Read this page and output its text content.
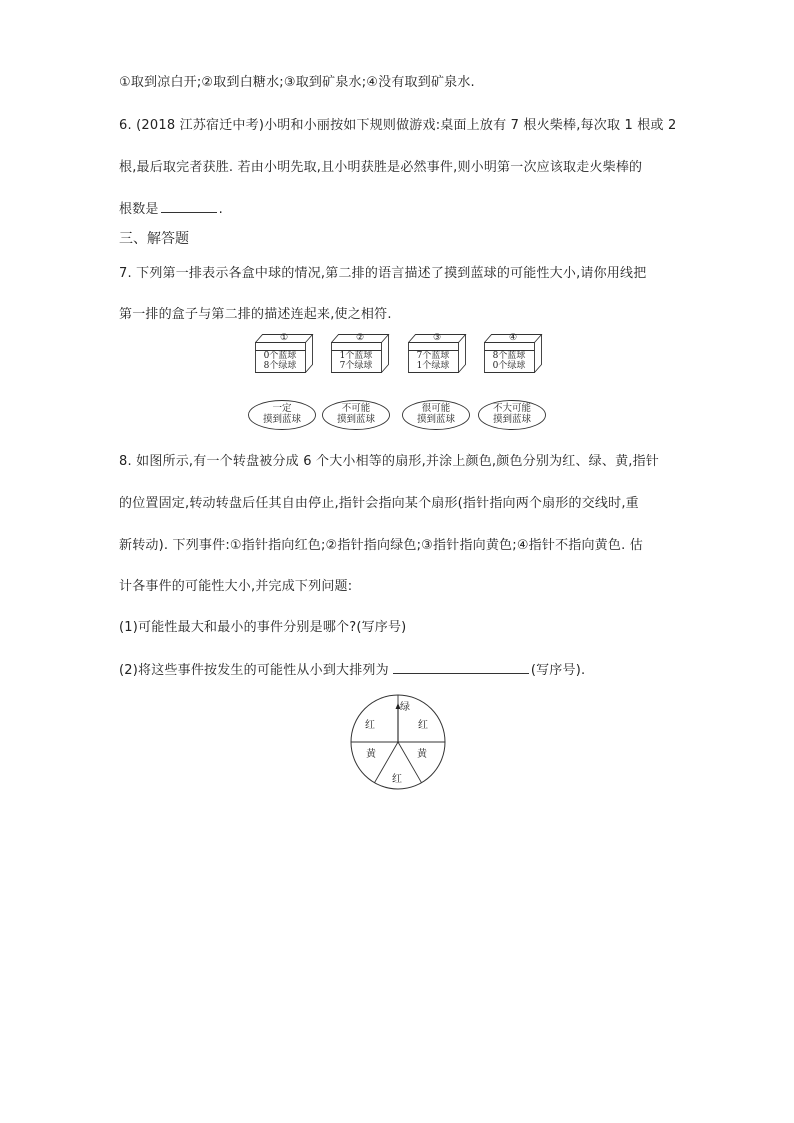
①取到凉白开;②取到白糖水;③取到矿泉水;④没有取到矿泉水.
6. (2018 江苏宿迁中考)小明和小丽按如下规则做游戏:桌面上放有 7 根火柴棒,每次取 1 根或 2
根,最后取完者获胜. 若由小明先取,且小明获胜是必然事件,则小明第一次应该取走火柴棒的
根数是	.
三、解答题
7. 下列第一排表示各盒中球的情况,第二排的语言描述了摸到蓝球的可能性大小,请你用线把
第一排的盒子与第二排的描述连起来,使之相符.
①
0个蓝球
8个绿球
②
1个蓝球
7个绿球
③
7个蓝球
1个绿球
④
8个蓝球
0个绿球
一定
摸到蓝球
不可能
摸到蓝球
很可能
摸到蓝球
不大可能
摸到蓝球
8. 如图所示,有一个转盘被分成 6 个大小相等的扇形,并涂上颜色,颜色分别为红、绿、黄,指针
的位置固定,转动转盘后任其自由停止,指针会指向某个扇形(指针指向两个扇形的交线时,重
新转动). 下列事件:①指针指向红色;②指针指向绿色;③指针指向黄色;④指针不指向黄色. 估
计各事件的可能性大小,并完成下列问题:
(1)可能性最大和最小的事件分别是哪个?(写序号)
(2)将这些事件按发生的可能性从小到大排列为	(写序号).
绿
红	红
黄	黄
红
